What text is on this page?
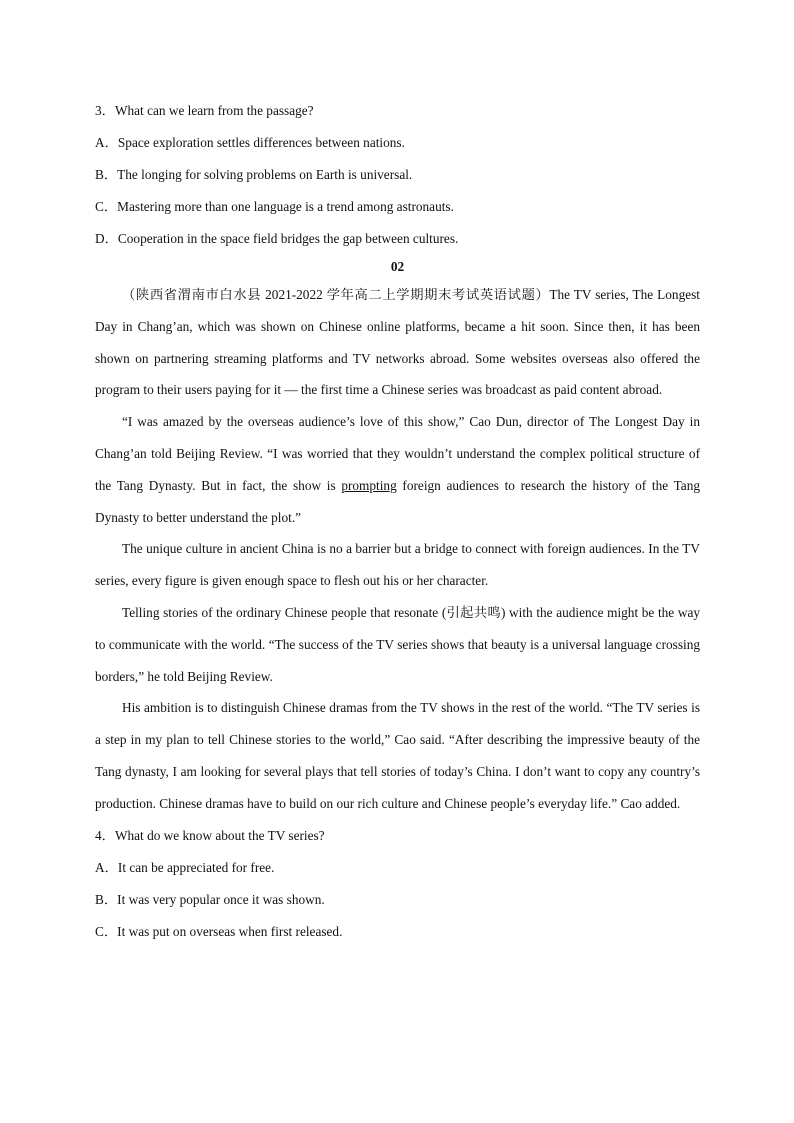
3．What can we learn from the passage?
A．Space exploration settles differences between nations.
B．The longing for solving problems on Earth is universal.
C．Mastering more than one language is a trend among astronauts.
D．Cooperation in the space field bridges the gap between cultures.
02

（陕西省渭南市白水县 2021-2022 学年高二上学期期末考试英语试题）The TV series, The Longest Day in Chang’an, which was shown on Chinese online platforms, became a hit soon. Since then, it has been shown on partnering streaming platforms and TV networks abroad. Some websites overseas also offered the program to their users paying for it — the first time a Chinese series was broadcast as paid content abroad.

“I was amazed by the overseas audience’s love of this show,” Cao Dun, director of The Longest Day in Chang’an told Beijing Review. “I was worried that they wouldn’t understand the complex political structure of the Tang Dynasty. But in fact, the show is prompting foreign audiences to research the history of the Tang Dynasty to better understand the plot.”

The unique culture in ancient China is no a barrier but a bridge to connect with foreign audiences. In the TV series, every figure is given enough space to flesh out his or her character.

Telling stories of the ordinary Chinese people that resonate (引起共鸣) with the audience might be the way to communicate with the world. “The success of the TV series shows that beauty is a universal language crossing borders,” he told Beijing Review.

His ambition is to distinguish Chinese dramas from the TV shows in the rest of the world. “The TV series is a step in my plan to tell Chinese stories to the world,” Cao said. “After describing the impressive beauty of the Tang dynasty, I am looking for several plays that tell stories of today’s China. I don’t want to copy any country’s production. Chinese dramas have to build on our rich culture and Chinese people’s everyday life.” Cao added.

4．What do we know about the TV series?
A．It can be appreciated for free.
B．It was very popular once it was shown.
C．It was put on overseas when first released.
